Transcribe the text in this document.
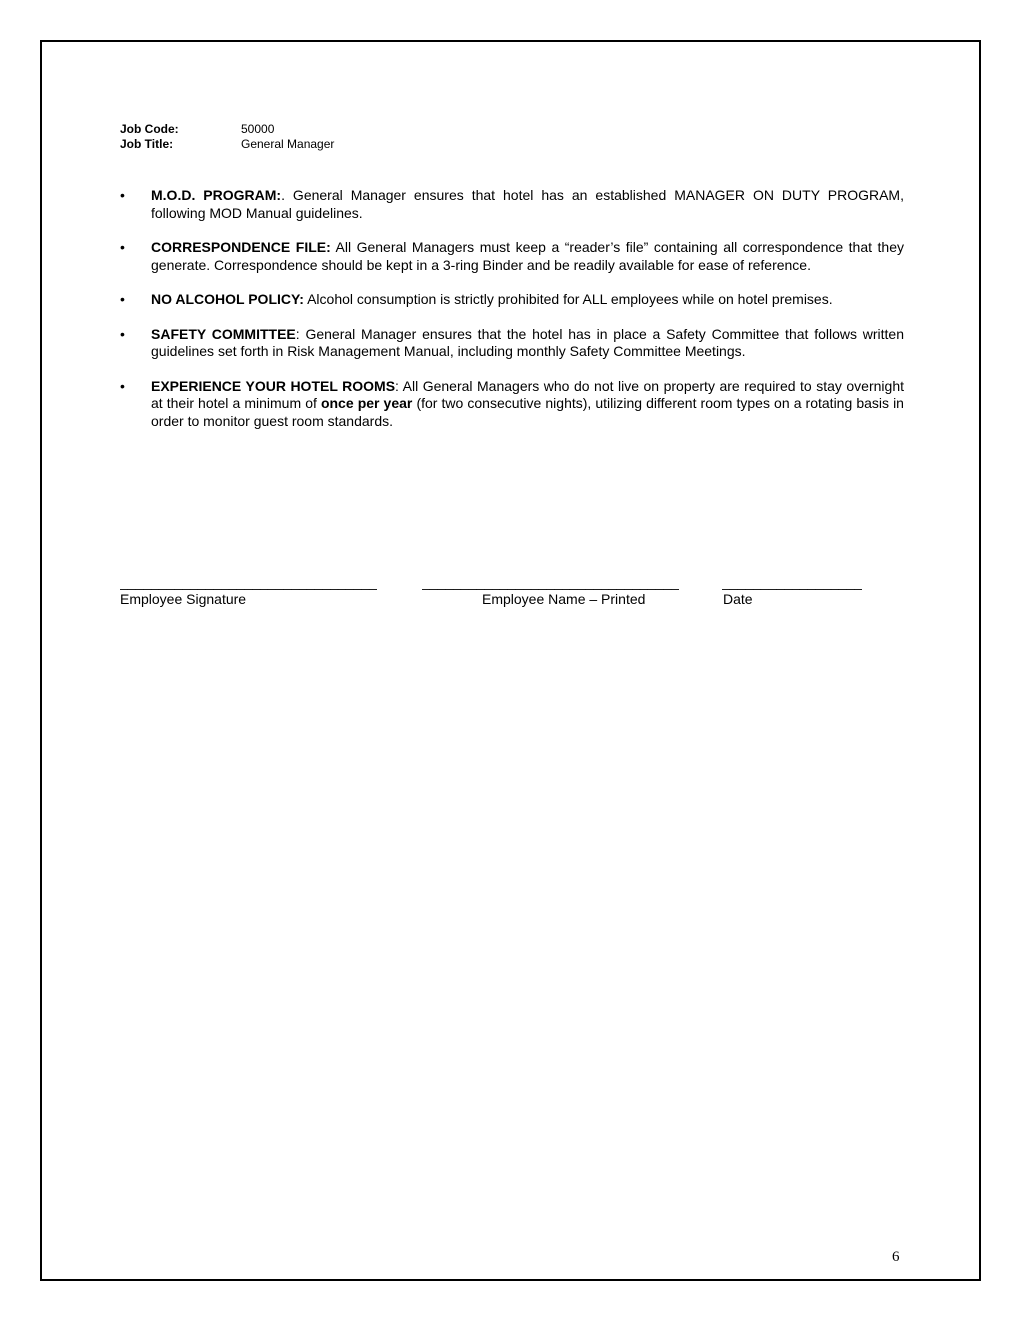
Job Code:	50000
Job Title:	General Manager
• M.O.D. PROGRAM:. General Manager ensures that hotel has an established MANAGER ON DUTY PROGRAM, following MOD Manual guidelines.
• CORRESPONDENCE FILE: All General Managers must keep a “reader’s file” containing all correspondence that they generate. Correspondence should be kept in a 3-ring Binder and be readily available for ease of reference.
• NO ALCOHOL POLICY: Alcohol consumption is strictly prohibited for ALL employees while on hotel premises.
• SAFETY COMMITTEE: General Manager ensures that the hotel has in place a Safety Committee that follows written guidelines set forth in Risk Management Manual, including monthly Safety Committee Meetings.
• EXPERIENCE YOUR HOTEL ROOMS: All General Managers who do not live on property are required to stay overnight at their hotel a minimum of once per year (for two consecutive nights), utilizing different room types on a rotating basis in order to monitor guest room standards.
_________________________________	_________________________________	__________________
Employee Signature	Employee Name – Printed	Date
6
